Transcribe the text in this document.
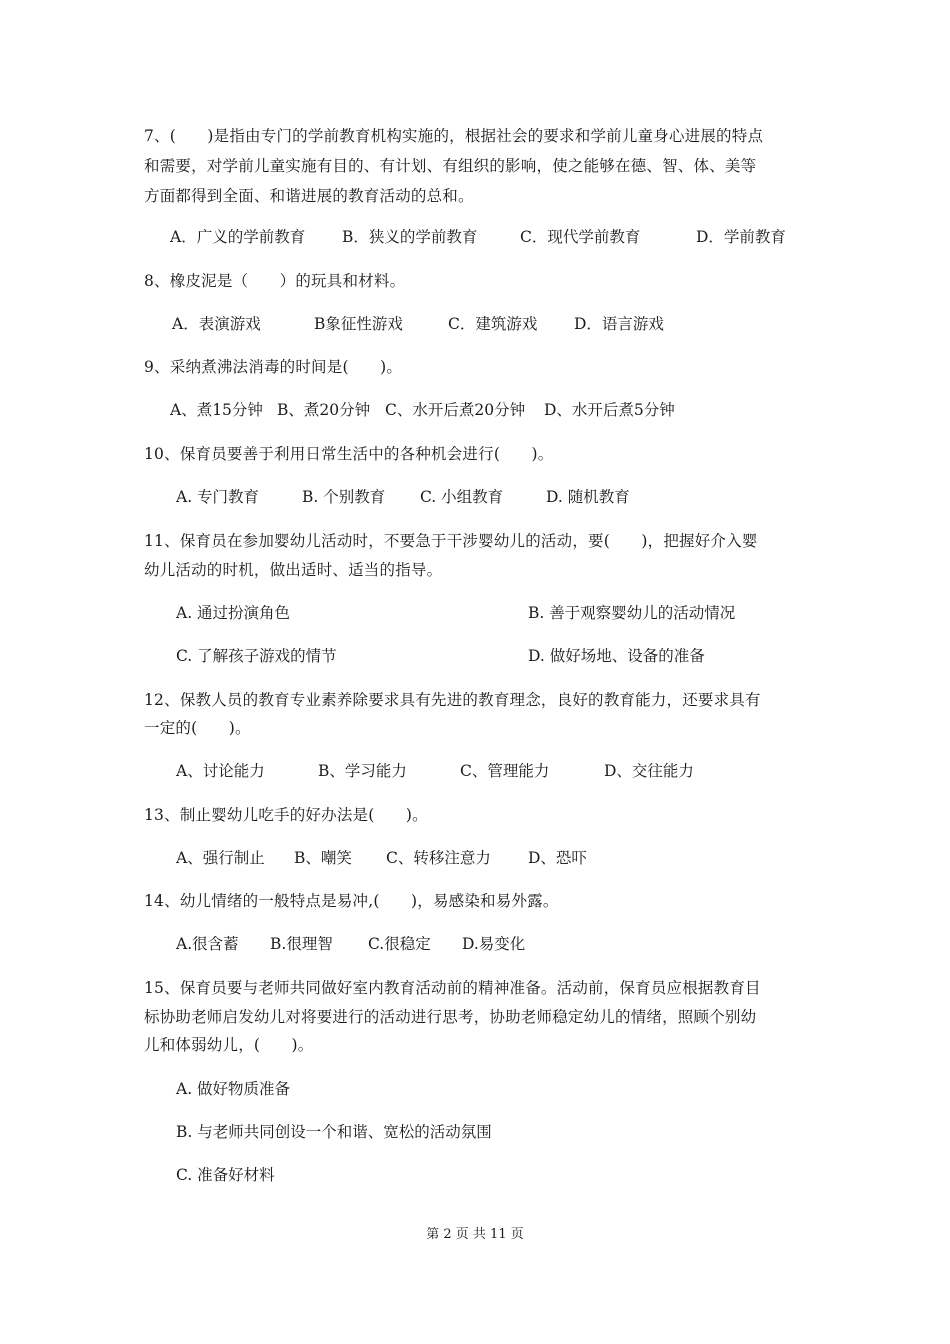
7、(　　)是指由专门的学前教育机构实施的，根据社会的要求和学前儿童身心进展的特点
和需要，对学前儿童实施有目的、有计划、有组织的影响，使之能够在德、智、体、美等
方面都得到全面、和谐进展的教育活动的总和。
A．广义的学前教育 B．狭义的学前教育	C．现代学前教育	D．学前教育
8、橡皮泥是（　　）的玩具和材料。
A．表演游戏	B象征性游戏	C．建筑游戏 D．语言游戏
9、采纳煮沸法消毒的时间是(　　)。
A、煮15分钟 B、煮20分钟 C、水开后煮20分钟 D、水开后煮5分钟
10、保育员要善于利用日常生活中的各种机会进行(　　)。
A. 专门教育	B. 个别教育 C. 小组教育	D. 随机教育
11、保育员在参加婴幼儿活动时，不要急于干涉婴幼儿的活动，要(　　)，把握好介入婴
幼儿活动的时机，做出适时、适当的指导。
A. 通过扮演角色	B. 善于观察婴幼儿的活动情况
C. 了解孩子游戏的情节	D. 做好场地、设备的准备
12、保教人员的教育专业素养除要求具有先进的教育理念，良好的教育能力，还要求具有
一定的(　　)。
A、讨论能力	B、学习能力	C、管理能力	D、交往能力
13、制止婴幼儿吃手的好办法是(　　)。
A、强行制止 B、嘲笑 C、转移注意力 D、恐吓
14、幼儿情绪的一般特点是易冲,(　　)，易感染和易外露。
A.很含蓄 B.很理智 C.很稳定 D.易变化
15、保育员要与老师共同做好室内教育活动前的精神准备。活动前，保育员应根据教育目
标协助老师启发幼儿对将要进行的活动进行思考，协助老师稳定幼儿的情绪，照顾个别幼
儿和体弱幼儿，(　　)。
A. 做好物质准备
B. 与老师共同创设一个和谐、宽松的活动氛围
C. 准备好材料
第 2 页 共 11 页
